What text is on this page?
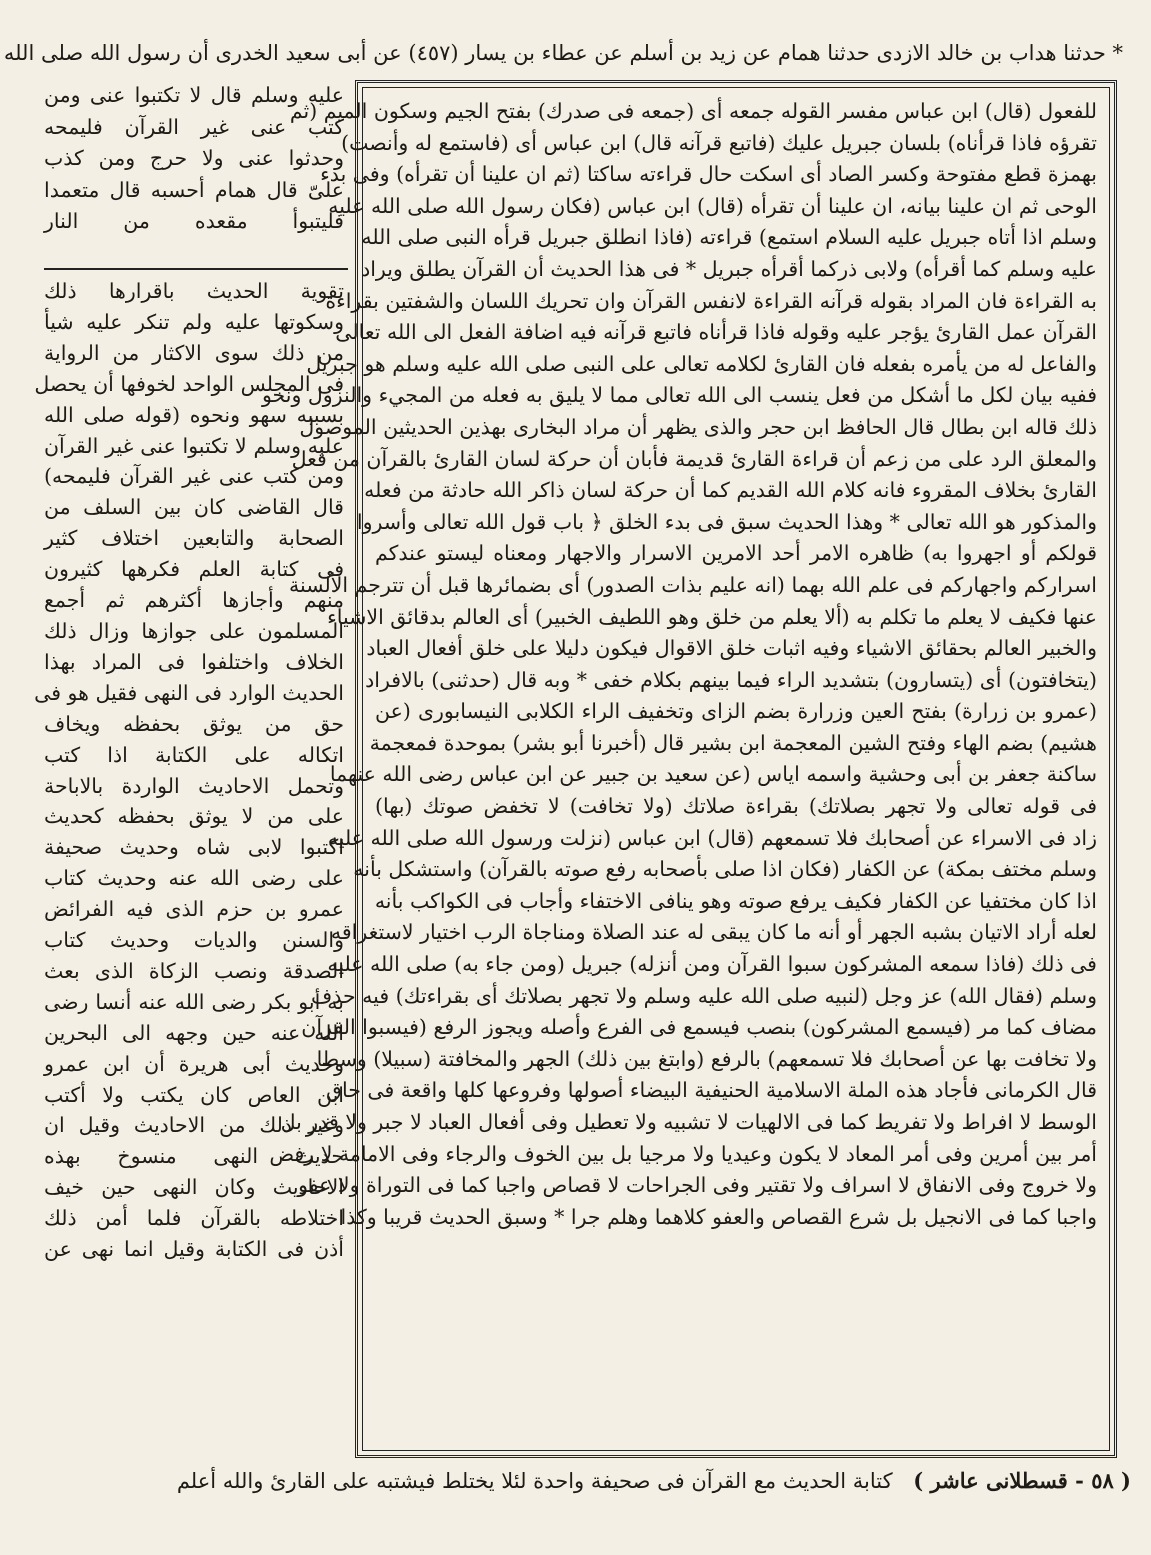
* حدثنا هداب بن خالد الازدى حدثنا همام عن زيد بن أسلم عن عطاء بن يسار (٤٥٧) عن أبى سعيد الخدرى أن رسول الله صلى الله

للفعول (قال) ابن عباس مفسر القوله جمعه أى (جمعه فى صدرك) بفتح الجيم وسكون الميم (ثم

تقرؤه فاذا قرأناه) بلسان جبريل عليك (فاتبع قرآنه قال) ابن عباس أى (فاستمع له وأنصت)

بهمزة قطع مفتوحة وكسر الصاد أى اسكت حال قراءته ساكتا (ثم ان علينا أن تقرأه) وفى بدء

الوحى ثم ان علينا بيانه، ان علينا أن تقرأه (قال) ابن عباس (فكان رسول الله صلى الله عليه

وسلم اذا أتاه جبريل عليه السلام استمع) قراءته (فاذا انطلق جبريل قرأه النبى صلى الله

عليه وسلم كما أقرأه) ولابى ذركما أقرأه جبريل * فى هذا الحديث أن القرآن يطلق ويراد

به القراءة فان المراد بقوله قرآنه القراءة لانفس القرآن وان تحريك اللسان والشفتين بقراءة

القرآن عمل القارئ يؤجر عليه وقوله فاذا قرأناه فاتبع قرآنه فيه اضافة الفعل الى الله تعالى

والفاعل له من يأمره بفعله فان القارئ لكلامه تعالى على النبى صلى الله عليه وسلم هو جبريل

ففيه بيان لكل ما أشكل من فعل ينسب الى الله تعالى مما لا يليق به فعله من المجيء والنزول ونحو

ذلك قاله ابن بطال قال الحافظ ابن حجر والذى يظهر أن مراد البخارى بهذين الحديثين الموصول

والمعلق الرد على من زعم أن قراءة القارئ قديمة فأبان أن حركة لسان القارئ بالقرآن من فعل

القارئ بخلاف المقروء فانه كلام الله القديم كما أن حركة لسان ذاكر الله حادثة من فعله

والمذكور هو الله تعالى * وهذا الحديث سبق فى بدء الخلق ﴿ باب قول الله تعالى وأسروا

قولكم أو اجهروا به) ظاهره الامر أحد الامرين الاسرار والاجهار ومعناه ليستو عندكم

اسراركم واجهاركم فى علم الله بهما (انه عليم بذات الصدور) أى بضمائرها قبل أن تترجم الألسنة

عنها فكيف لا يعلم ما تكلم به (ألا يعلم من خلق وهو اللطيف الخبير) أى العالم بدقائق الاشياء

والخبير العالم بحقائق الاشياء وفيه اثبات خلق الاقوال فيكون دليلا على خلق أفعال العباد

(يتخافتون) أى (يتسارون) بتشديد الراء فيما بينهم بكلام خفى * وبه قال (حدثنى) بالافراد

(عمرو بن زرارة) بفتح العين وزرارة بضم الزاى وتخفيف الراء الكلابى النيسابورى (عن

هشيم) بضم الهاء وفتح الشين المعجمة ابن بشير قال (أخبرنا أبو بشر) بموحدة فمعجمة

ساكنة جعفر بن أبى وحشية واسمه اياس (عن سعيد بن جبير عن ابن عباس رضى الله عنهما

فى قوله تعالى ولا تجهر بصلاتك) بقراءة صلاتك (ولا تخافت) لا تخفض صوتك (بها)

زاد فى الاسراء عن أصحابك فلا تسمعهم (قال) ابن عباس (نزلت ورسول الله صلى الله عليه

وسلم مختف بمكة) عن الكفار (فكان اذا صلى بأصحابه رفع صوته بالقرآن) واستشكل بأنه

اذا كان مختفيا عن الكفار فكيف يرفع صوته وهو ينافى الاختفاء وأجاب فى الكواكب بأنه

لعله أراد الاتيان بشبه الجهر أو أنه ما كان يبقى له عند الصلاة ومناجاة الرب اختيار لاستغراقه

فى ذلك (فاذا سمعه المشركون سبوا القرآن ومن أنزله) جبريل (ومن جاء به) صلى الله عليه

وسلم (فقال الله) عز وجل (لنبيه صلى الله عليه وسلم ولا تجهر بصلاتك أى بقراءتك) فيه حذف

مضاف كما مر (فيسمع المشركون) بنصب فيسمع فى الفرع وأصله ويجوز الرفع (فيسبوا القرآن

ولا تخافت بها عن أصحابك فلا تسمعهم) بالرفع (وابتغ بين ذلك) الجهر والمخافتة (سبيلا) وسطا

قال الكرمانى فأجاد هذه الملة الاسلامية الحنيفية البيضاء أصولها وفروعها كلها واقعة فى حاق

الوسط لا افراط ولا تفريط كما فى الالهيات لا تشبيه ولا تعطيل وفى أفعال العباد لا جبر ولا قدر بل

أمر بين أمرين وفى أمر المعاد لا يكون وعيديا ولا مرجيا بل بين الخوف والرجاء وفى الامامة لا رفض

ولا خروج وفى الانفاق لا اسراف ولا تقتير وفى الجراحات لا قصاص واجبا كما فى التوراة ولا عفو

واجبا كما فى الانجيل بل شرع القصاص والعفو كلاهما وهلم جرا * وسبق الحديث قريبا وكذا

عليه وسلم قال لا تكتبوا عنى ومن

كتب عنى غير القرآن فليمحه

وحدثوا عنى ولا حرج ومن كذب

علىّ قال همام أحسبه قال متعمدا

فليتبوأ مقعده من النار

تقوية الحديث باقرارها ذلك

وسكوتها عليه ولم تنكر عليه شيأ

من ذلك سوى الاكثار من الرواية

فى المجلس الواحد لخوفها أن يحصل

بسببه سهو ونحوه (قوله صلى الله

عليه وسلم لا تكتبوا عنى غير القرآن

ومن كتب عنى غير القرآن فليمحه)

قال القاضى كان بين السلف من

الصحابة والتابعين اختلاف كثير

فى كتابة العلم فكرهها كثيرون

منهم وأجازها أكثرهم ثم أجمع

المسلمون على جوازها وزال ذلك

الخلاف واختلفوا فى المراد بهذا

الحديث الوارد فى النهى فقيل هو فى

حق من يوثق بحفظه ويخاف

اتكاله على الكتابة اذا كتب

وتحمل الاحاديث الواردة بالاباحة

على من لا يوثق بحفظه كحديث

اكتبوا لابى شاه وحديث صحيفة

على رضى الله عنه وحديث كتاب

عمرو بن حزم الذى فيه الفرائض

والسنن والديات وحديث كتاب

الصدقة ونصب الزكاة الذى بعث

به أبو بكر رضى الله عنه أنسا رضى

الله عنه حين وجهه الى البحرين

وحديث أبى هريرة أن ابن عمرو

ابن العاص كان يكتب ولا أكتب

وغير ذلك من الاحاديث وقيل ان

حديث النهى منسوخ بهذه

الاحاديث وكان النهى حين خيف

اختلاطه بالقرآن فلما أمن ذلك

أذن فى الكتابة وقيل انما نهى عن

( ٥٨ - قسطلانى عاشر ) كتابة الحديث مع القرآن فى صحيفة واحدة لئلا يختلط فيشتبه على القارئ والله أعلم
